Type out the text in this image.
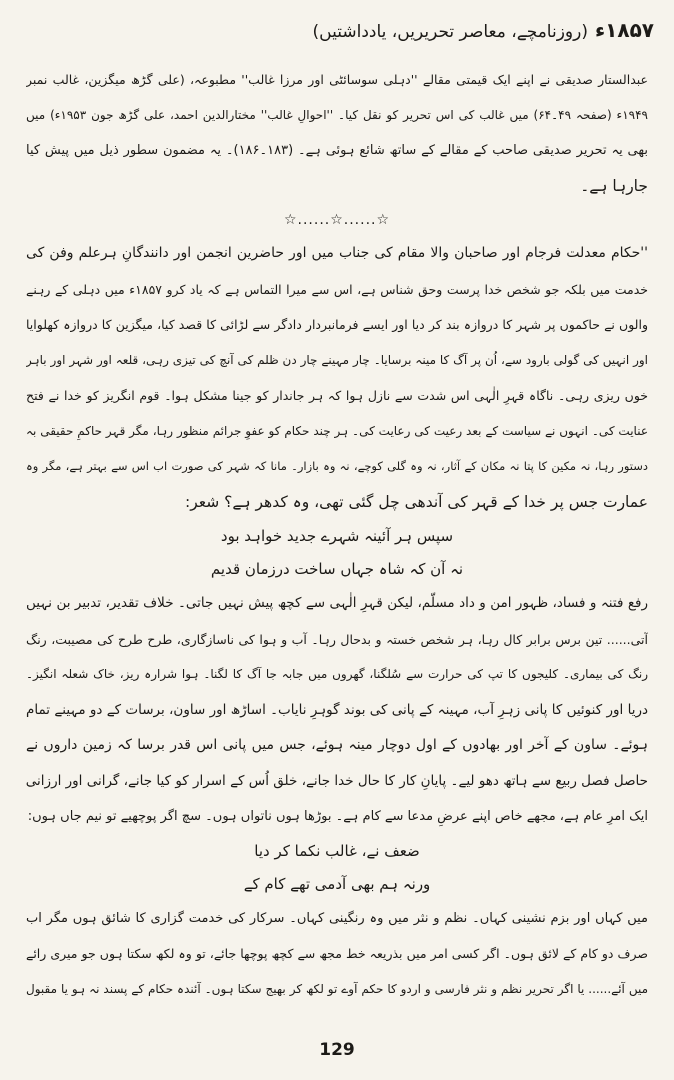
۱۸۵۷ء (روزنامچے، معاصر تحریریں، یادداشتیں)
عبدالستار صدیقی نے اپنے ایک قیمتی مقالے ''دہلی سوسائٹی اور مرزا غالب'' مطبوعہ، (علی گڑھ میگزین، غالب نمبر
۱۹۴۹ء (صفحہ ۴۹۔۶۴) میں غالب کی اس تحریر کو نقل کیا۔ ''احوالِ غالب'' مختارالدین احمد، علی گڑھ جون ۱۹۵۳ء) میں
بھی یہ تحریر صدیقی صاحب کے مقالے کے ساتھ شائع ہوئی ہے۔ (۱۸۳۔۱۸۶)۔ یہ مضمون سطور ذیل میں پیش کیا
جارہا ہے۔
☆......☆......☆
''حکام معدلت فرجام اور صاحبان والا مقام کی جناب میں اور حاضرین انجمن اور دانندگانِ ہرعلم وفن کی
خدمت میں بلکہ جو شخص خدا پرست وحق شناس ہے، اس سے میرا التماس ہے کہ یاد کرو ۱۸۵۷ء میں دہلی کے رہنے
والوں نے حاکموں پر شہر کا دروازہ بند کر دیا اور ایسے فرمانبردار دادگر سے لڑائی کا قصد کیا، میگزین کا دروازہ کھلوایا
اور انہیں کی گولی بارود سے، اُن پر آگ کا مینہ برسایا۔ چار مہینے چار دن ظلم کی آنچ کی تیزی رہی، قلعہ اور شہر اور باہر
خوں ریزی رہی۔ ناگاہ قہرِ الٰہی اس شدت سے نازل ہوا کہ ہر جاندار کو جینا مشکل ہوا۔ قوم انگریز کو خدا نے فتح
عنایت کی۔ انہوں نے سیاست کے بعد رعیت کی رعایت کی۔ ہر چند حکام کو عفوِ جرائم منظور رہا، مگر قہر حاکمِ حقیقی بہ
دستور رہا، نہ مکین کا پتا نہ مکان کے آثار، نہ وہ گلی کوچے، نہ وہ بازار۔ مانا کہ شہر کی صورت اب اس سے بہتر ہے، مگر وہ
عمارت جس پر خدا کے قہر کی آندھی چل گئی تھی، وہ کدھر ہے؟ شعر:
سپس ہر آئینہ شہرے جدید خواہد بود
نہ آن کہ شاہ جہاں ساخت درزمان قدیم
رفع فتنہ و فساد، ظہور امن و داد مسلّم، لیکن قہرِ الٰہی سے کچھ پیش نہیں جاتی۔ خلاف تقدیر، تدبیر بن نہیں
آتی...... تین برس برابر کال رہا، ہر شخص خستہ و بدحال رہا۔ آب و ہوا کی ناسازگاری، طرح طرح کی مصیبت، رنگ
رنگ کی بیماری۔ کلیجوں کا تپ کی حرارت سے سُلگنا، گھروں میں جابہ جا آگ کا لگنا۔ ہوا شرارہ ریز، خاک شعلہ انگیز۔
دریا اور کنوئیں کا پانی زہرِ آب، مہینہ کے پانی کی بوند گوہرِ نایاب۔ اساڑھ اور ساون، برسات کے دو مہینے تمام
ہوئے۔ ساون کے آخر اور بھادوں کے اول دوچار مینہ ہوئے، جس میں پانی اس قدر برسا کہ زمین داروں نے
حاصل فصل ربیع سے ہاتھ دھو لیے۔ پایانِ کار کا حال خدا جانے، خلق اُس کے اسرار کو کیا جانے، گرانی اور ارزانی
ایک امرِ عام ہے، مجھے خاص اپنے عرضِ مدعا سے کام ہے۔ بوڑھا ہوں ناتواں ہوں۔ سچ اگر پوچھیے تو نیم جاں ہوں:
ضعف نے، غالب نکما کر دیا
ورنہ ہم بھی آدمی تھے کام کے
میں کہاں اور بزم نشینی کہاں۔ نظم و نثر میں وہ رنگینی کہاں۔ سرکار کی خدمت گزاری کا شائق ہوں مگر اب
صرف دو کام کے لائق ہوں۔ اگر کسی امر میں بذریعہ خط مجھ سے کچھ پوچھا جائے، تو وہ لکھ سکتا ہوں جو میری رائے
میں آئے...... یا اگر تحریر نظم و نثر فارسی و اردو کا حکم آوے تو لکھ کر بھیج سکتا ہوں۔ آئندہ حکام کے پسند نہ ہو یا مقبول
129
